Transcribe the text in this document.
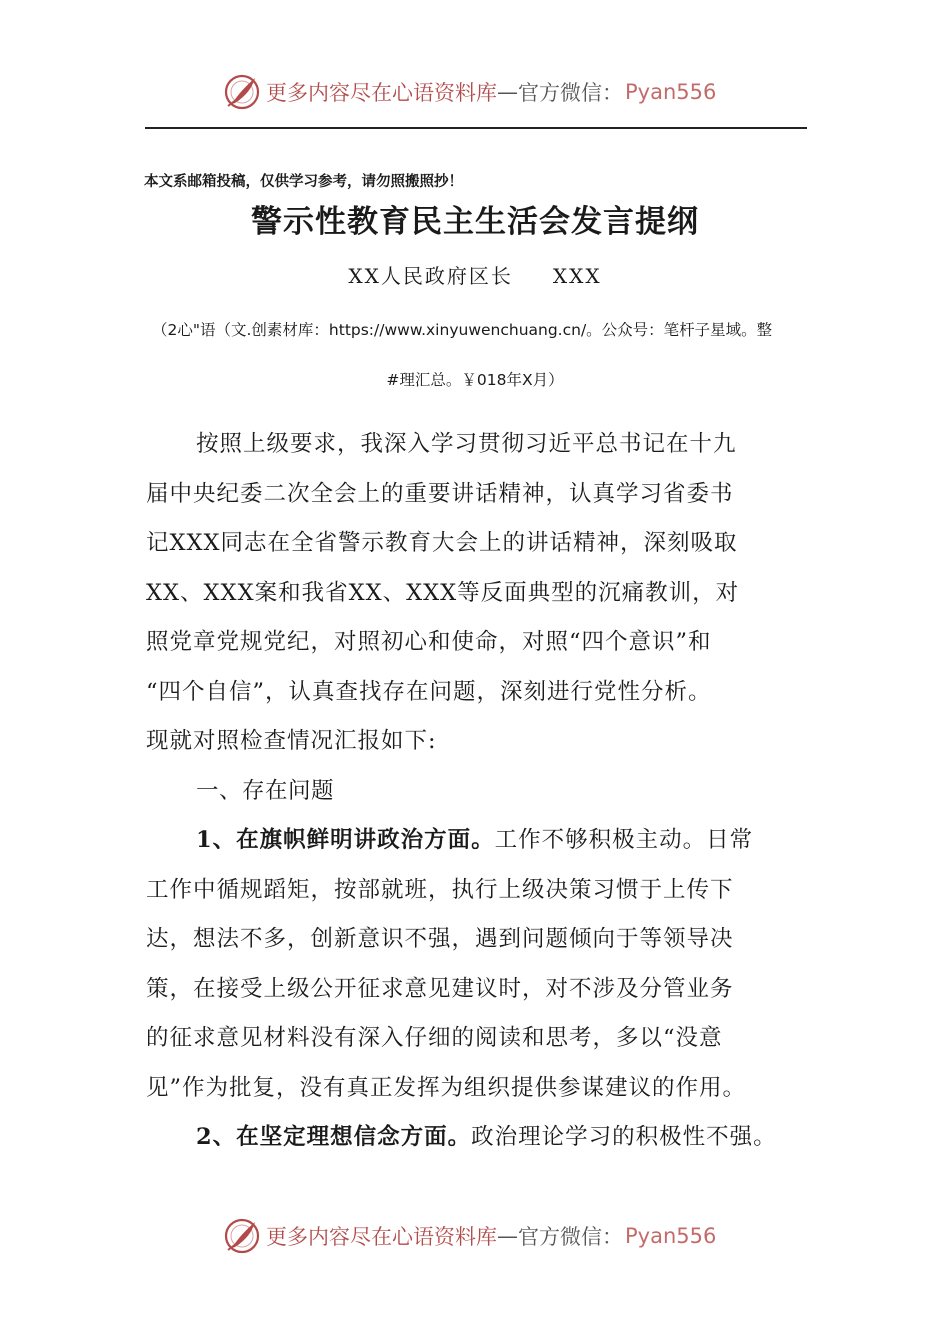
更多内容尽在心语资料库 — 官方微信： Pyan556
本文系邮箱投稿，仅供学习参考，请勿照搬照抄！
警示性教育民主生活会发言提纲
XX人民政府区长 XXX
（2心"语（文.创素材库：https://www.xinyuwenchuang.cn/。公众号：笔杆子星域。整
#理汇总。￥018年X月）
按照上级要求，我深入学习贯彻习近平总书记在十九
届中央纪委二次全会上的重要讲话精神，认真学习省委书
记XXX同志在全省警示教育大会上的讲话精神，深刻吸取
XX、XXX案和我省XX、XXX等反面典型的沉痛教训，对
照党章党规党纪，对照初心和使命，对照“四个意识”和
“四个自信”，认真查找存在问题，深刻进行党性分析。
现就对照检查情况汇报如下:
一、存在问题
1、在旗帜鲜明讲政治方面。工作不够积极主动。日常
工作中循规蹈矩，按部就班，执行上级决策习惯于上传下
达，想法不多，创新意识不强，遇到问题倾向于等领导决
策，在接受上级公开征求意见建议时，对不涉及分管业务
的征求意见材料没有深入仔细的阅读和思考，多以“没意
见”作为批复，没有真正发挥为组织提供参谋建议的作用。
2、在坚定理想信念方面。政治理论学习的积极性不强。
更多内容尽在心语资料库 — 官方微信： Pyan556
